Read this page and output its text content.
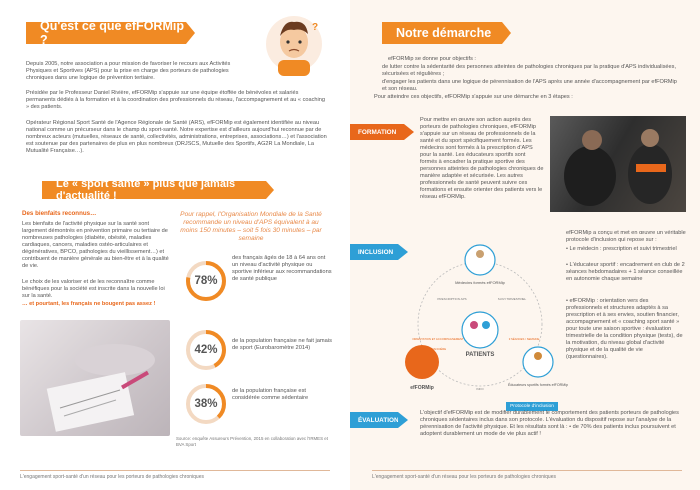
Qu'est ce que efFORMip ?
?
Depuis 2005, notre association a pour mission de favoriser le recours aux Activités Physiques et Sportives (APS) pour la prise en charge des porteurs de pathologies chroniques dans une logique de prévention tertiaire.
Présidée par le Professeur Daniel Rivière, efFORMip s'appuie sur une équipe étoffée de bénévoles et salariés permanents dédiés à la formation et à la coordination des professionnels du réseau, l'accompagnement et au « coaching » des patients.
Opérateur Régional Sport Santé de l'Agence Régionale de Santé (ARS), efFORMip est également identifiée au niveau national comme un précurseur dans le champ du sport-santé. Notre expertise est d'ailleurs aujourd'hui reconnue par de nombreux acteurs (mutuelles, réseaux de santé, collectivités, administrations, entreprises, associations…) et l'association est soutenue par des partenaires de plus en plus nombreux (DRJSCS, Mutuelle des Sportifs, AG2R La Mondiale, La Mutualité Française…).
Le « sport santé » plus que jamais d'actualité !
Des bienfaits reconnus…
Les bienfaits de l'activité physique sur la santé sont largement démontrés en prévention primaire ou tertiaire de nombreuses pathologies (diabète, obésité, maladies cardiaques, cancers, maladies ostéo-articulaires et dégénératives, BPCO, pathologies du vieillissement…) et contribuent de manière générale au bien-être et à la qualité de vie.
Le choix de les valoriser et de les reconnaître comme bénéfiques pour la société est inscrite dans la nouvelle loi sur la santé.
… et pourtant, les français ne bougent pas assez !
Pour rappel, l'Organisation Mondiale de la Santé recommande un niveau d'APS équivalent à au moins 150 minutes – soit 5 fois 30 minutes – par semaine
78%
des français âgés de 18 à 64 ans ont un niveau d'activité physique ou sportive inférieur aux recommandations de santé publique
42%
de la population française ne fait jamais de sport (Eurobaromètre 2014)
38%
de la population française est considérée comme sédentaire
Source: enquête Assureurs Prévention, 2015 en collaboration avec l'IRMES et BVA Sport
L'engagement sport-santé d'un réseau pour les porteurs de pathologies chroniques
Notre démarche
efFORMip se donne pour objectifs :
de lutter contre la sédentarité des personnes atteintes de pathologies chroniques par la pratique d'APS individualisées, sécurisées et régulières ;
d'engager les patients dans une logique de pérennisation de l'APS après une année d'accompagnement par efFORMip et son réseau.
Pour atteindre ces objectifs, efFORMip s'appuie sur une démarche en 3 étapes :
FORMATION
Pour mettre en œuvre son action auprès des porteurs de pathologies chroniques, efFORMip s'appuie sur un réseau de professionnels de la santé et du sport spécifiquement formés. Les médecins sont formés à la prescription d'APS pour la santé. Les éducateurs sportifs sont formés à encadrer la pratique sportive des personnes atteintes de pathologies chroniques de manière adaptée et sécurisée. Les autres professionnels de santé peuvent suivre ces formations et ensuite orienter des patients vers le réseau efFORMip.
INCLUSION
Médecins formés efFORMip
PATIENTS
Éducateurs sportifs formés efFORMip
efFORMip
PRESCRIPTION APS	SUIVI TRIMESTRIEL
ORIENTATION ET ACCOMPAGNEMENT
AIDE FINANCIÈRE
3 SÉANCES / SEMAINE
INFO
Protocole d'inclusion
efFORMip a conçu et met en œuvre un véritable protocole d'inclusion qui repose sur :
• Le médecin : prescription et suivi trimestriel
• L'éducateur sportif : encadrement en club de 2 séances hebdomadaires + 1 séance conseillée en autonomie chaque semaine
• efFORMip : orientation vers des professionnels et structures adaptés à sa prescription et à ses envies, soutien financier, accompagnement et « coaching sport santé » pour toute une saison sportive : évaluation trimestrielle de la condition physique (tests), de la motivation, du niveau global d'activité physique et de la qualité de vie (questionnaires).
ÉVALUATION
L'objectif d'efFORMip est de modifier durablement le comportement des patients porteurs de pathologies chroniques sédentaires inclus dans son protocole. L'évaluation du dispositif repose sur l'analyse de la pérennisation de l'activité physique. Et les résultats sont là : • de 70% des patients inclus poursuivent et adoptent durablement un mode de vie plus actif !
L'engagement sport-santé d'un réseau pour les porteurs de pathologies chroniques
